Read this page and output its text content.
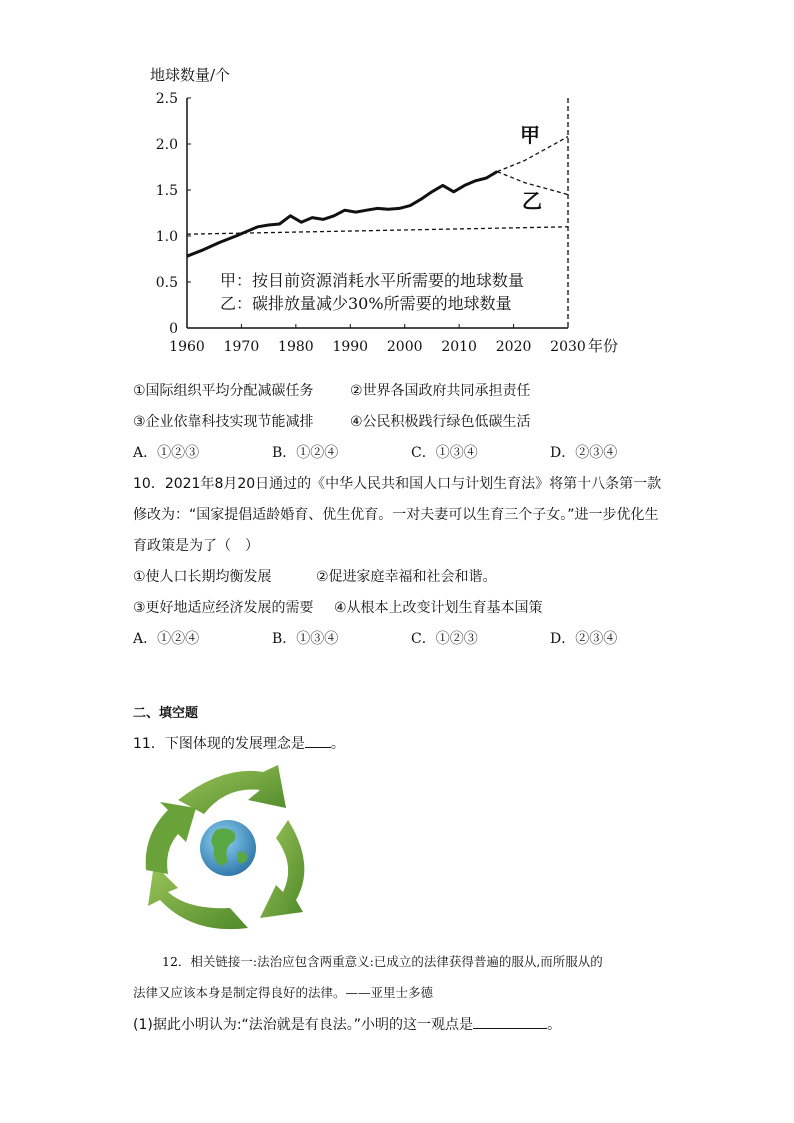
地球数量/个
2.5
2.0
1.5
1.0
0.5
0
1960 1970 1980 1990 2000 2010 2020 2030
甲
乙
甲：按目前资源消耗水平所需要的地球数量
乙：碳排放量减少30%所需要的地球数量
年份
①国际组织平均分配减碳任务	②世界各国政府共同承担责任
③企业依靠科技实现节能减排	④公民积极践行绿色低碳生活
A．①②③	B．①②④	C．①③④	D．②③④
10．2021年8月20日通过的《中华人民共和国人口与计划生育法》将第十八条第一款
修改为：“国家提倡适龄婚育、优生优育。一对夫妻可以生育三个子女。”进一步优化生
育政策是为了（　）
①使人口长期均衡发展	②促进家庭幸福和社会和谐。
③更好地适应经济发展的需要 ④从根本上改变计划生育基本国策
A．①②④	B．①③④	C．①②③	D．②③④
二、填空题
11．下图体现的发展理念是 。
12．相关链接一:法治应包含两重意义:已成立的法律获得普遍的服从,而所服从的
法律又应该本身是制定得良好的法律。——亚里士多德
(1)据此小明认为:“法治就是有良法。”小明的这一观点是	。
